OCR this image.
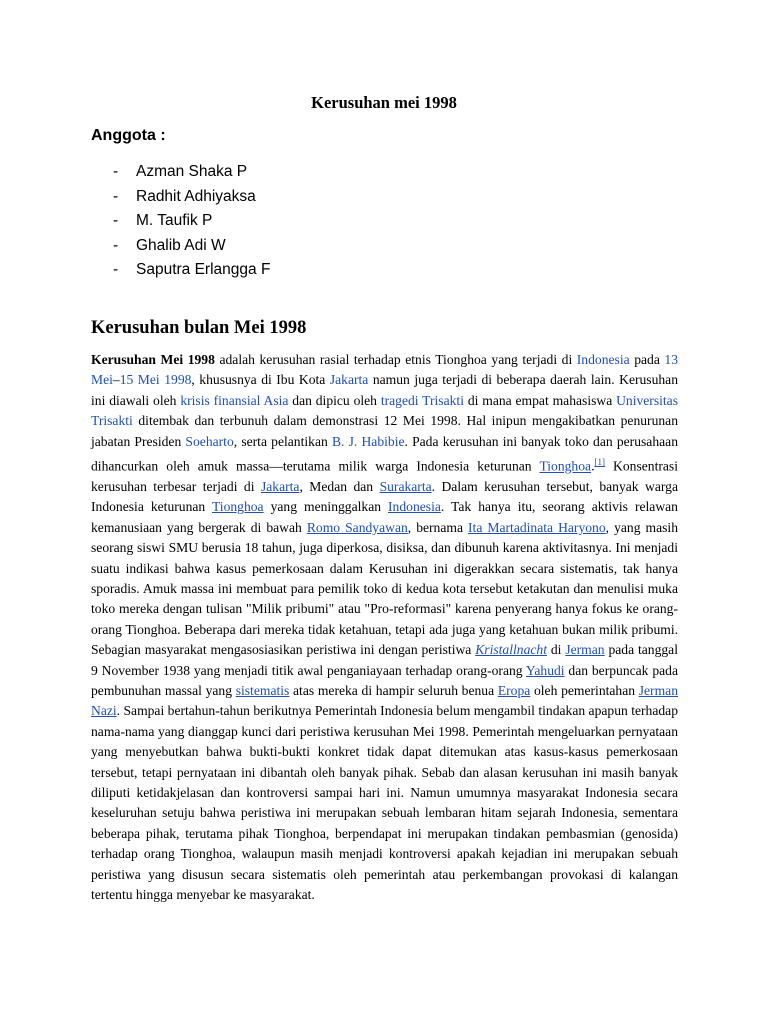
Kerusuhan mei 1998
Anggota :
- Azman Shaka P
- Radhit Adhiyaksa
- M. Taufik P
- Ghalib Adi W
- Saputra Erlangga F
Kerusuhan bulan Mei 1998

Kerusuhan Mei 1998 adalah kerusuhan rasial terhadap etnis Tionghoa yang terjadi di Indonesia pada 13 Mei–15 Mei 1998, khususnya di Ibu Kota Jakarta namun juga terjadi di beberapa daerah lain. Kerusuhan ini diawali oleh krisis finansial Asia dan dipicu oleh tragedi Trisakti di mana empat mahasiswa Universitas Trisakti ditembak dan terbunuh dalam demonstrasi 12 Mei 1998. Hal inipun mengakibatkan penurunan jabatan Presiden Soeharto, serta pelantikan B. J. Habibie. Pada kerusuhan ini banyak toko dan perusahaan dihancurkan oleh amuk massa—terutama milik warga Indonesia keturunan Tionghoa.[1] Konsentrasi kerusuhan terbesar terjadi di Jakarta, Medan dan Surakarta. Dalam kerusuhan tersebut, banyak warga Indonesia keturunan Tionghoa yang meninggalkan Indonesia. Tak hanya itu, seorang aktivis relawan kemanusiaan yang bergerak di bawah Romo Sandyawan, bernama Ita Martadinata Haryono, yang masih seorang siswi SMU berusia 18 tahun, juga diperkosa, disiksa, dan dibunuh karena aktivitasnya. Ini menjadi suatu indikasi bahwa kasus pemerkosaan dalam Kerusuhan ini digerakkan secara sistematis, tak hanya sporadis. Amuk massa ini membuat para pemilik toko di kedua kota tersebut ketakutan dan menulisi muka toko mereka dengan tulisan "Milik pribumi" atau "Pro-reformasi" karena penyerang hanya fokus ke orang-orang Tionghoa. Beberapa dari mereka tidak ketahuan, tetapi ada juga yang ketahuan bukan milik pribumi. Sebagian masyarakat mengasosiasikan peristiwa ini dengan peristiwa Kristallnacht di Jerman pada tanggal 9 November 1938 yang menjadi titik awal penganiayaan terhadap orang-orang Yahudi dan berpuncak pada pembunuhan massal yang sistematis atas mereka di hampir seluruh benua Eropa oleh pemerintahan Jerman Nazi. Sampai bertahun-tahun berikutnya Pemerintah Indonesia belum mengambil tindakan apapun terhadap nama-nama yang dianggap kunci dari peristiwa kerusuhan Mei 1998. Pemerintah mengeluarkan pernyataan yang menyebutkan bahwa bukti-bukti konkret tidak dapat ditemukan atas kasus-kasus pemerkosaan tersebut, tetapi pernyataan ini dibantah oleh banyak pihak. Sebab dan alasan kerusuhan ini masih banyak diliputi ketidakjelasan dan kontroversi sampai hari ini. Namun umumnya masyarakat Indonesia secara keseluruhan setuju bahwa peristiwa ini merupakan sebuah lembaran hitam sejarah Indonesia, sementara beberapa pihak, terutama pihak Tionghoa, berpendapat ini merupakan tindakan pembasmian (genosida) terhadap orang Tionghoa, walaupun masih menjadi kontroversi apakah kejadian ini merupakan sebuah peristiwa yang disusun secara sistematis oleh pemerintah atau perkembangan provokasi di kalangan tertentu hingga menyebar ke masyarakat.
